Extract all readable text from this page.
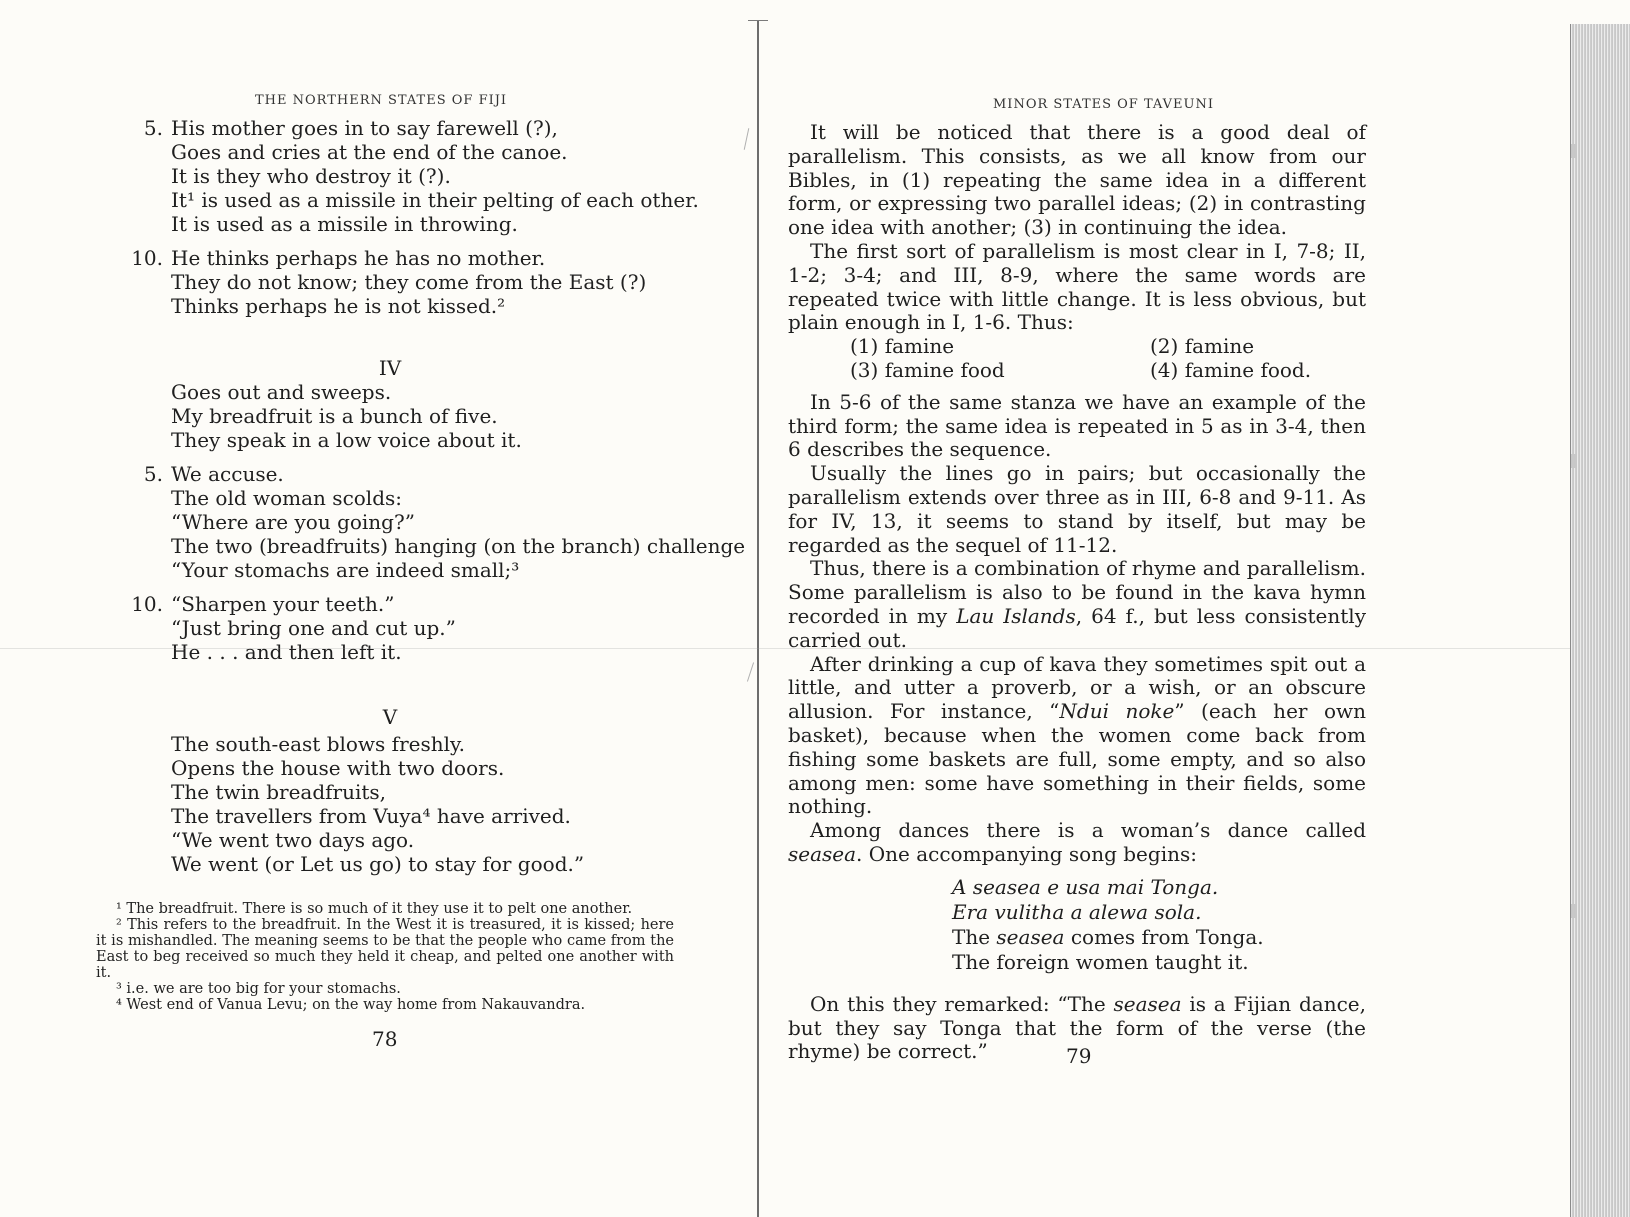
THE NORTHERN STATES OF FIJI
5. His mother goes in to say farewell (?),
Goes and cries at the end of the canoe.
It is they who destroy it (?).
It¹ is used as a missile in their pelting of each other.
It is used as a missile in throwing.
10. He thinks perhaps he has no mother.
They do not know; they come from the East (?)
Thinks perhaps he is not kissed.²
IV
Goes out and sweeps.
My breadfruit is a bunch of five.
They speak in a low voice about it.
5. We accuse.
The old woman scolds:
“Where are you going?”
The two (breadfruits) hanging (on the branch) challenge
“Your stomachs are indeed small;³
10. “Sharpen your teeth.”
“Just bring one and cut up.”
He . . . and then left it.
V
The south-east blows freshly.
Opens the house with two doors.
The twin breadfruits,
The travellers from Vuya⁴ have arrived.
“We went two days ago.
We went (or Let us go) to stay for good.”
¹ The breadfruit. There is so much of it they use it to pelt one another.
² This refers to the breadfruit. In the West it is treasured, it is kissed; here it is mishandled. The meaning seems to be that the people who came from the East to beg received so much they held it cheap, and pelted one another with it.
³ i.e. we are too big for your stomachs.
⁴ West end of Vanua Levu; on the way home from Nakauvandra.
78
MINOR STATES OF TAVEUNI
It will be noticed that there is a good deal of parallelism. This consists, as we all know from our Bibles, in (1) repeating the same idea in a different form, or expressing two parallel ideas; (2) in contrasting one idea with another; (3) in continuing the idea.
The first sort of parallelism is most clear in I, 7-8; II, 1-2; 3-4; and III, 8-9, where the same words are repeated twice with little change. It is less obvious, but plain enough in I, 1-6. Thus:
(1) famine	(2) famine
(3) famine food	(4) famine food.
In 5-6 of the same stanza we have an example of the third form; the same idea is repeated in 5 as in 3-4, then 6 describes the sequence.
Usually the lines go in pairs; but occasionally the parallelism extends over three as in III, 6-8 and 9-11. As for IV, 13, it seems to stand by itself, but may be regarded as the sequel of 11-12.
Thus, there is a combination of rhyme and parallelism. Some parallelism is also to be found in the kava hymn recorded in my Lau Islands, 64 f., but less consistently carried out.
After drinking a cup of kava they sometimes spit out a little, and utter a proverb, or a wish, or an obscure allusion. For instance, “Ndui noke” (each her own basket), because when the women come back from fishing some baskets are full, some empty, and so also among men: some have something in their fields, some nothing.
Among dances there is a woman’s dance called seasea. One accompanying song begins:
A seasea e usa mai Tonga.
Era vulitha a alewa sola.
The seasea comes from Tonga.
The foreign women taught it.
On this they remarked: “The seasea is a Fijian dance, but they say Tonga that the form of the verse (the rhyme) be correct.”	79
